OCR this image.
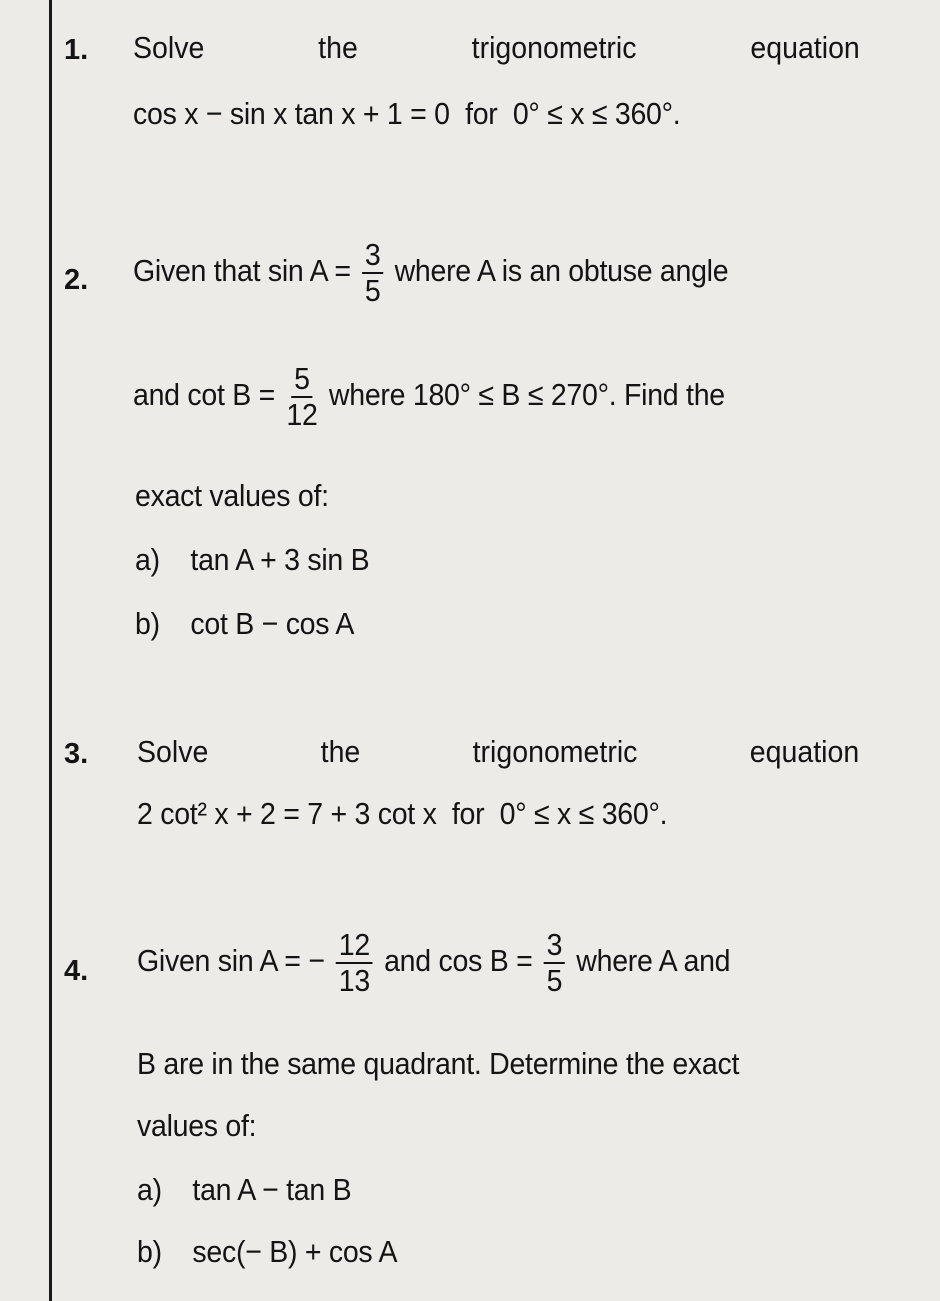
1. Solve	the	trigonometric	equation
cos x − sin x tan x + 1 = 0 for 0° ≤ x ≤ 360°.
2. Given that $\sin A = \frac{3}{5}$ where A is an obtuse angle
and $\cot B = \frac{5}{12}$ where 180° ≤ B ≤ 270°. Find the
exact values of:
a) tan A + 3 sin B
b) cot B − cos A
3. Solve	the	trigonometric	equation
2 cot² x + 2 = 7 + 3 cot x for 0° ≤ x ≤ 360°.
4. Given sin A = − $\frac{12}{13}$ and $\cos B = \frac{3}{5}$ where A and
B are in the same quadrant. Determine the exact
values of:
a) tan A − tan B
b) sec(− B) + cos A
